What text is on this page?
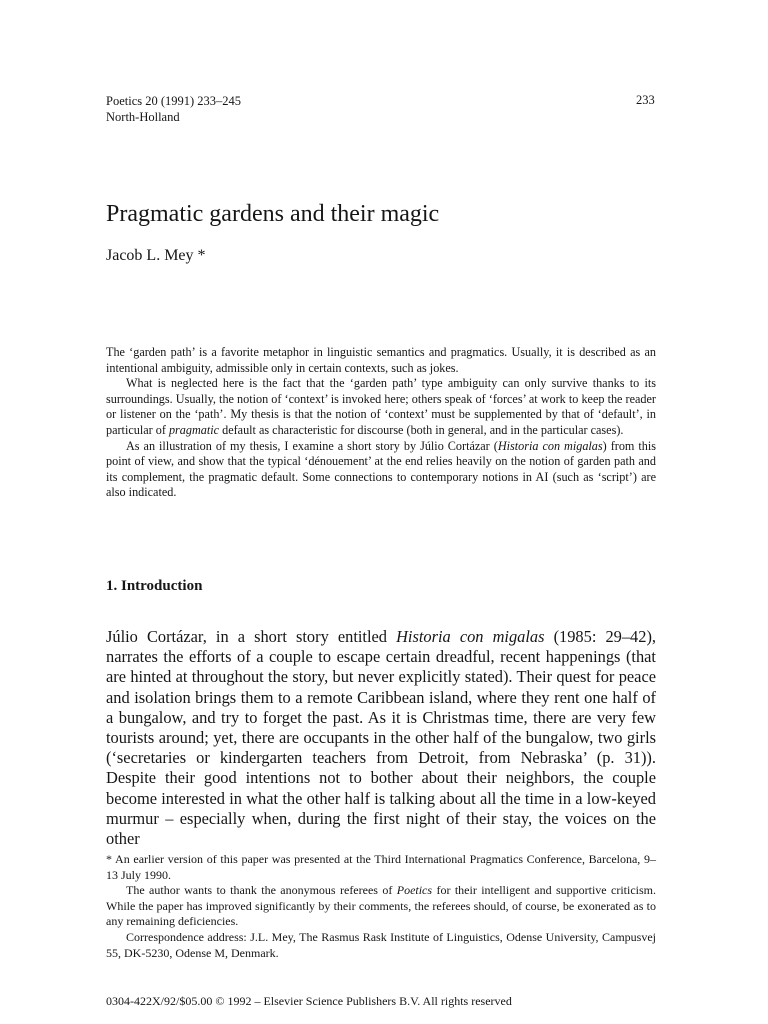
Poetics 20 (1991) 233–245
North-Holland
233
Pragmatic gardens and their magic
Jacob L. Mey *

The ‘garden path’ is a favorite metaphor in linguistic semantics and pragmatics. Usually, it is described as an intentional ambiguity, admissible only in certain contexts, such as jokes.

What is neglected here is the fact that the ‘garden path’ type ambiguity can only survive thanks to its surroundings. Usually, the notion of ‘context’ is invoked here; others speak of ‘forces’ at work to keep the reader or listener on the ‘path’. My thesis is that the notion of ‘context’ must be supplemented by that of ‘default’, in particular of pragmatic default as characteristic for discourse (both in general, and in the particular cases).

As an illustration of my thesis, I examine a short story by Júlio Cortázar (Historia con migalas) from this point of view, and show that the typical ‘dénouement’ at the end relies heavily on the notion of garden path and its complement, the pragmatic default. Some connections to contemporary notions in AI (such as ‘script’) are also indicated.

1. Introduction

Júlio Cortázar, in a short story entitled Historia con migalas (1985: 29–42), narrates the efforts of a couple to escape certain dreadful, recent happenings (that are hinted at throughout the story, but never explicitly stated). Their quest for peace and isolation brings them to a remote Caribbean island, where they rent one half of a bungalow, and try to forget the past. As it is Christmas time, there are very few tourists around; yet, there are occupants in the other half of the bungalow, two girls (‘secretaries or kindergarten teachers from Detroit, from Nebraska’ (p. 31)). Despite their good intentions not to bother about their neighbors, the couple become interested in what the other half is talking about all the time in a low-keyed murmur – especially when, during the first night of their stay, the voices on the other

* An earlier version of this paper was presented at the Third International Pragmatics Conference, Barcelona, 9–13 July 1990.

The author wants to thank the anonymous referees of Poetics for their intelligent and supportive criticism. While the paper has improved significantly by their comments, the referees should, of course, be exonerated as to any remaining deficiencies.

Correspondence address: J.L. Mey, The Rasmus Rask Institute of Linguistics, Odense University, Campusvej 55, DK-5230, Odense M, Denmark.

0304-422X/92/$05.00 © 1992 – Elsevier Science Publishers B.V. All rights reserved
